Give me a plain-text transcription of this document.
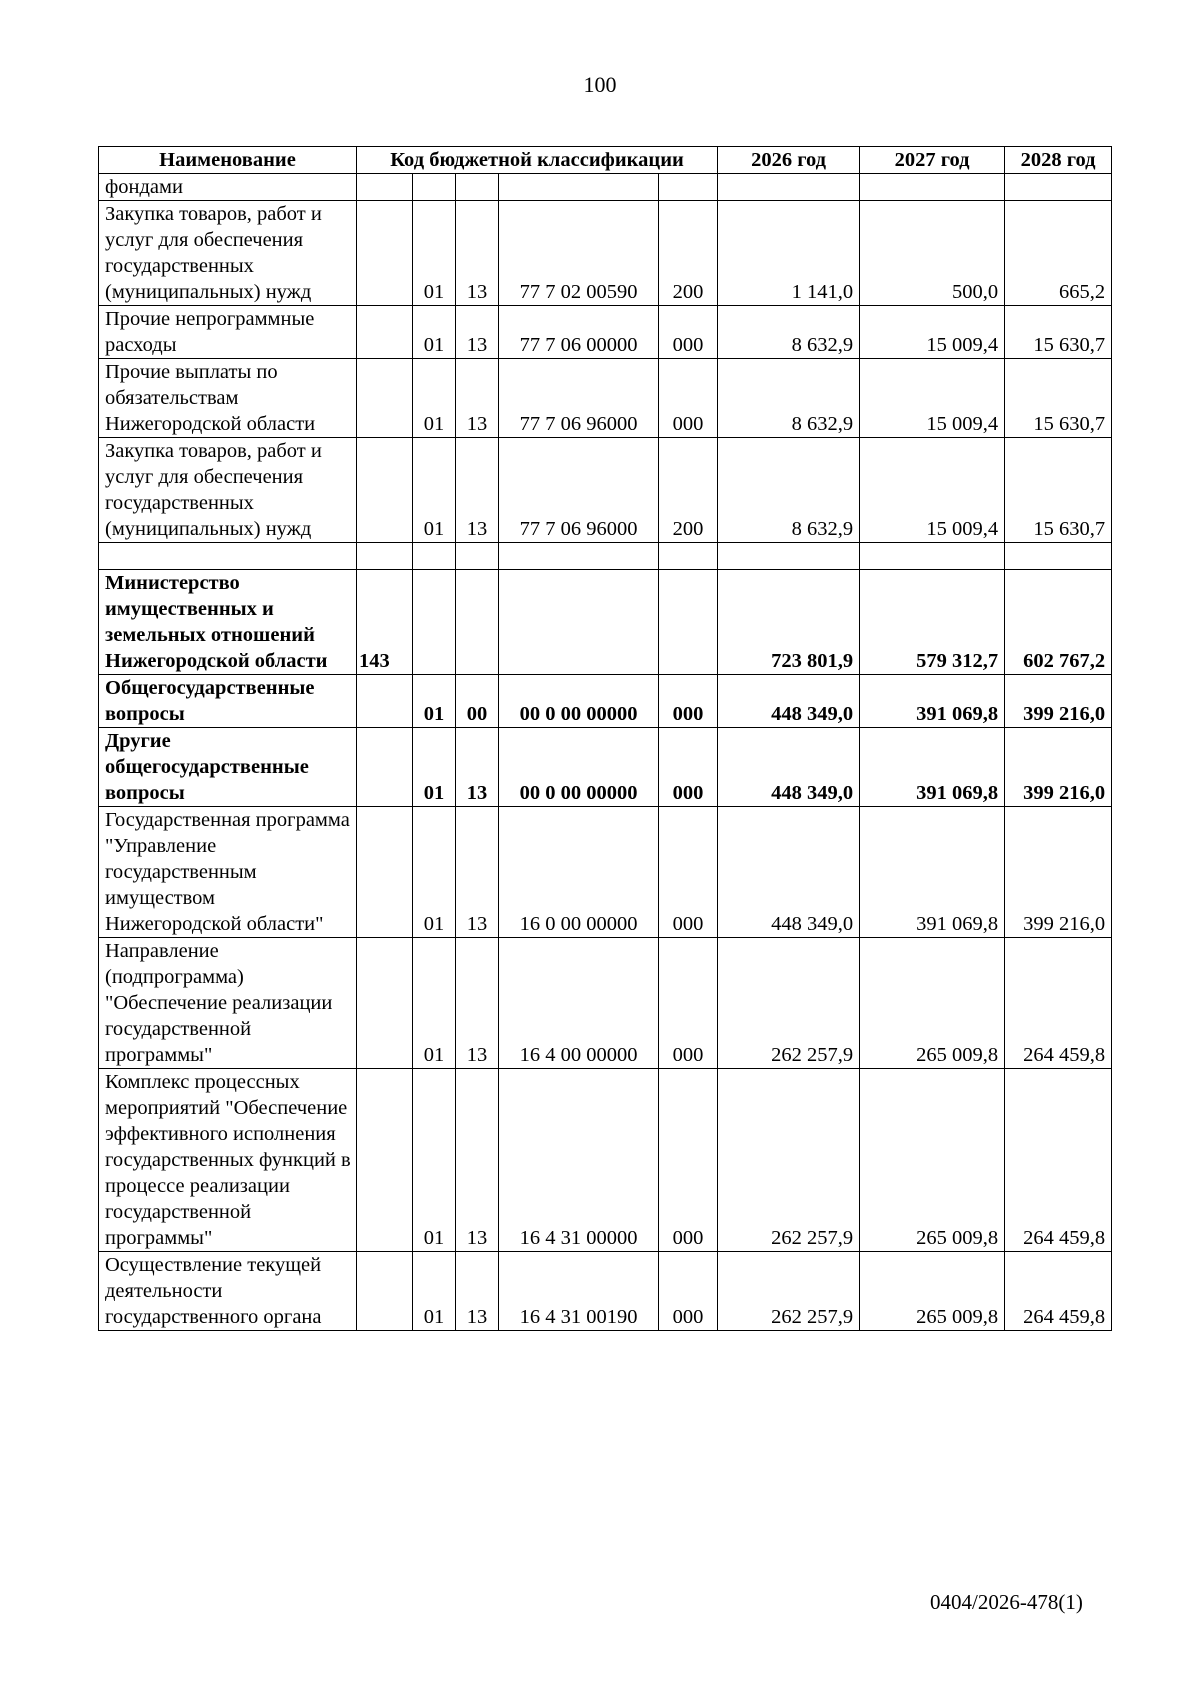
100
Наименование	Код бюджетной классификации					2026 год	2027 год	2028 год
фондами								
Закупка товаров, работ и услуг для обеспечения государственных (муниципальных) нужд		01	13	77 7 02 00590	200	1 141,0	500,0	665,2
Прочие непрограммные расходы		01	13	77 7 06 00000	000	8 632,9	15 009,4	15 630,7
Прочие выплаты по обязательствам Нижегородской области		01	13	77 7 06 96000	000	8 632,9	15 009,4	15 630,7
Закупка товаров, работ и услуг для обеспечения государственных (муниципальных) нужд		01	13	77 7 06 96000	200	8 632,9	15 009,4	15 630,7

Министерство имущественных и земельных отношений Нижегородской области	143					723 801,9	579 312,7	602 767,2
Общегосударственные вопросы		01	00	00 0 00 00000	000	448 349,0	391 069,8	399 216,0
Другие общегосударственные вопросы		01	13	00 0 00 00000	000	448 349,0	391 069,8	399 216,0
Государственная программа "Управление государственным имуществом Нижегородской области"		01	13	16 0 00 00000	000	448 349,0	391 069,8	399 216,0
Направление (подпрограмма) "Обеспечение реализации государственной программы"		01	13	16 4 00 00000	000	262 257,9	265 009,8	264 459,8
Комплекс процессных мероприятий "Обеспечение эффективного исполнения государственных функций в процессе реализации государственной программы"		01	13	16 4 31 00000	000	262 257,9	265 009,8	264 459,8
Осуществление текущей деятельности государственного органа		01	13	16 4 31 00190	000	262 257,9	265 009,8	264 459,8
0404/2026-478(1)
